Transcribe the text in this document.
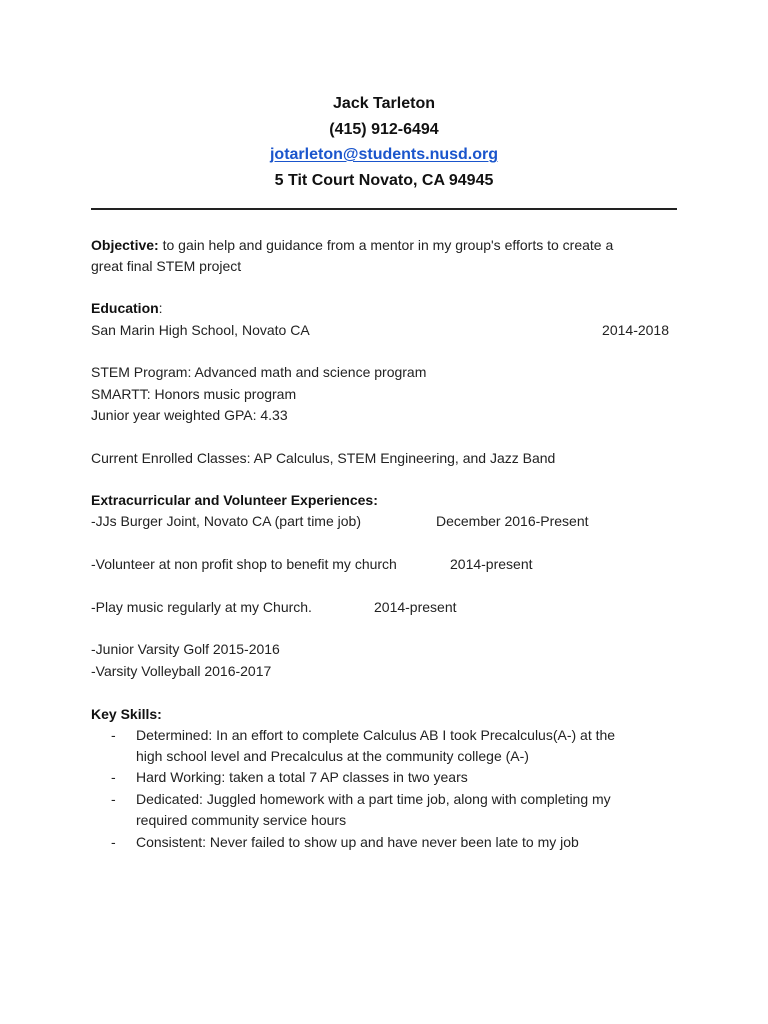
Jack Tarleton
(415) 912-6494
jotarleton@students.nusd.org
5 Tit Court Novato, CA 94945
Objective: to gain help and guidance from a mentor in my group's efforts to create a
great final STEM project
Education:
San Marin High School, Novato CA	2014-2018
STEM Program: Advanced math and science program
SMARTT: Honors music program
Junior year weighted GPA: 4.33
Current Enrolled Classes: AP Calculus, STEM Engineering, and Jazz Band
Extracurricular and Volunteer Experiences:
-JJs Burger Joint, Novato CA (part time job)	December 2016-Present
-Volunteer at non profit shop to benefit my church	2014-present
-Play music regularly at my Church.	2014-present
-Junior Varsity Golf 2015-2016
-Varsity Volleyball 2016-2017
Key Skills:
- Determined: In an effort to complete Calculus AB I took Precalculus(A-) at the
high school level and Precalculus at the community college (A-)
- Hard Working: taken a total 7 AP classes in two years
- Dedicated: Juggled homework with a part time job, along with completing my
required community service hours
- Consistent: Never failed to show up and have never been late to my job
